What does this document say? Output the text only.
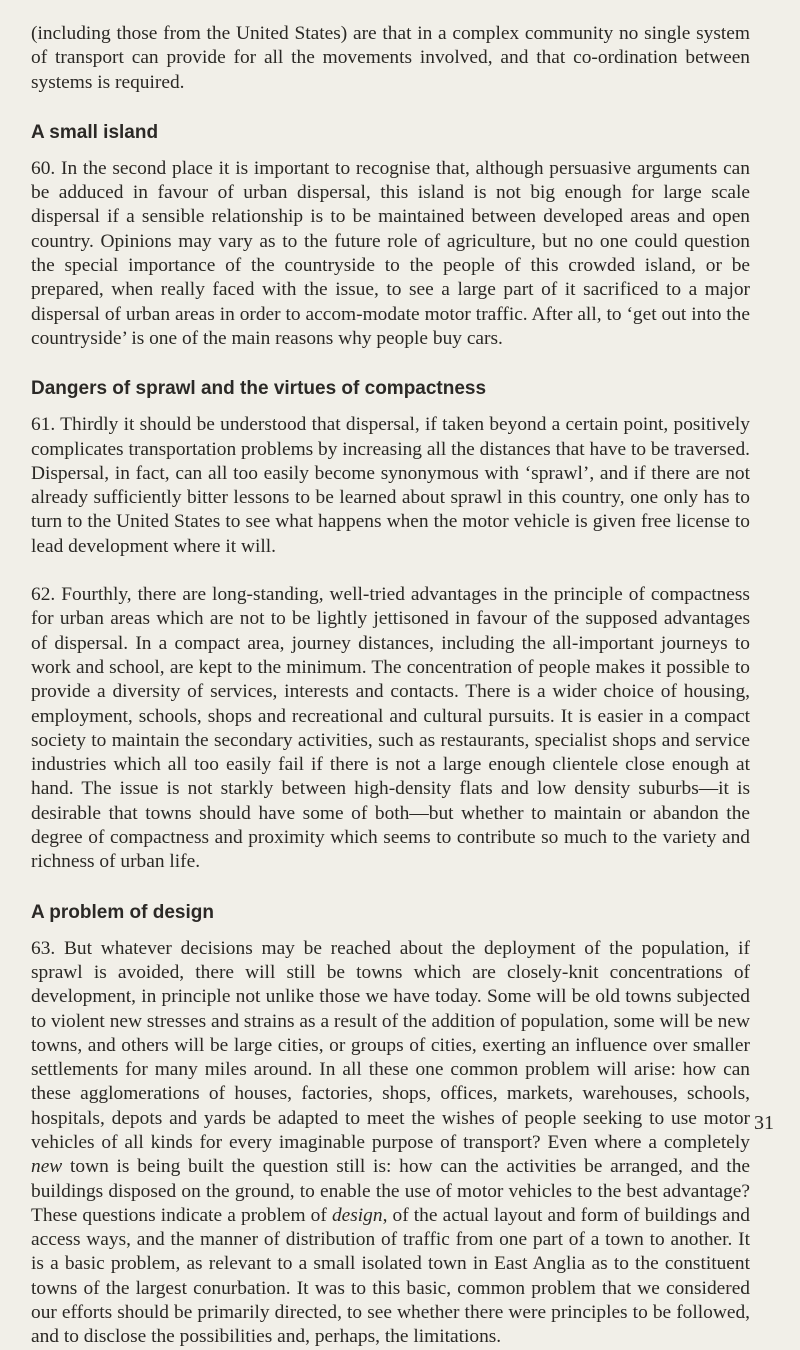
(including those from the United States) are that in a complex community no single system of transport can provide for all the movements involved, and that co-ordination between systems is required.

A small island

60. In the second place it is important to recognise that, although persuasive arguments can be adduced in favour of urban dispersal, this island is not big enough for large scale dispersal if a sensible relationship is to be maintained between developed areas and open country. Opinions may vary as to the future role of agriculture, but no one could question the special importance of the countryside to the people of this crowded island, or be prepared, when really faced with the issue, to see a large part of it sacrificed to a major dispersal of urban areas in order to accom-modate motor traffic. After all, to ‘get out into the countryside’ is one of the main reasons why people buy cars.

Dangers of sprawl and the virtues of compactness

61. Thirdly it should be understood that dispersal, if taken beyond a certain point, positively complicates transportation problems by increasing all the distances that have to be traversed. Dispersal, in fact, can all too easily become synonymous with ‘sprawl’, and if there are not already sufficiently bitter lessons to be learned about sprawl in this country, one only has to turn to the United States to see what happens when the motor vehicle is given free license to lead development where it will.

62. Fourthly, there are long-standing, well-tried advantages in the principle of compactness for urban areas which are not to be lightly jettisoned in favour of the supposed advantages of dispersal. In a compact area, journey distances, including the all-important journeys to work and school, are kept to the minimum. The concentration of people makes it possible to provide a diversity of services, interests and contacts. There is a wider choice of housing, employment, schools, shops and recreational and cultural pursuits. It is easier in a compact society to maintain the secondary activities, such as restaurants, specialist shops and service industries which all too easily fail if there is not a large enough clientele close enough at hand. The issue is not starkly between high-density flats and low density suburbs—it is desirable that towns should have some of both—but whether to maintain or abandon the degree of compactness and proximity which seems to contribute so much to the variety and richness of urban life.

A problem of design

63. But whatever decisions may be reached about the deployment of the population, if sprawl is avoided, there will still be towns which are closely-knit concentrations of development, in principle not unlike those we have today. Some will be old towns subjected to violent new stresses and strains as a result of the addition of population, some will be new towns, and others will be large cities, or groups of cities, exerting an influence over smaller settlements for many miles around. In all these one common problem will arise: how can these agglomerations of houses, factories, shops, offices, markets, warehouses, schools, hospitals, depots and yards be adapted to meet the wishes of people seeking to use motor vehicles of all kinds for every imaginable purpose of transport? Even where a completely new town is being built the question still is: how can the activities be arranged, and the buildings disposed on the ground, to enable the use of motor vehicles to the best advantage? These questions indicate a problem of design, of the actual layout and form of buildings and access ways, and the manner of distribution of traffic from one part of a town to another. It is a basic problem, as relevant to a small isolated town in East Anglia as to the constituent towns of the largest conurbation. It was to this basic, common problem that we considered our efforts should be primarily directed, to see whether there were principles to be followed, and to disclose the possibilities and, perhaps, the limitations.

31
